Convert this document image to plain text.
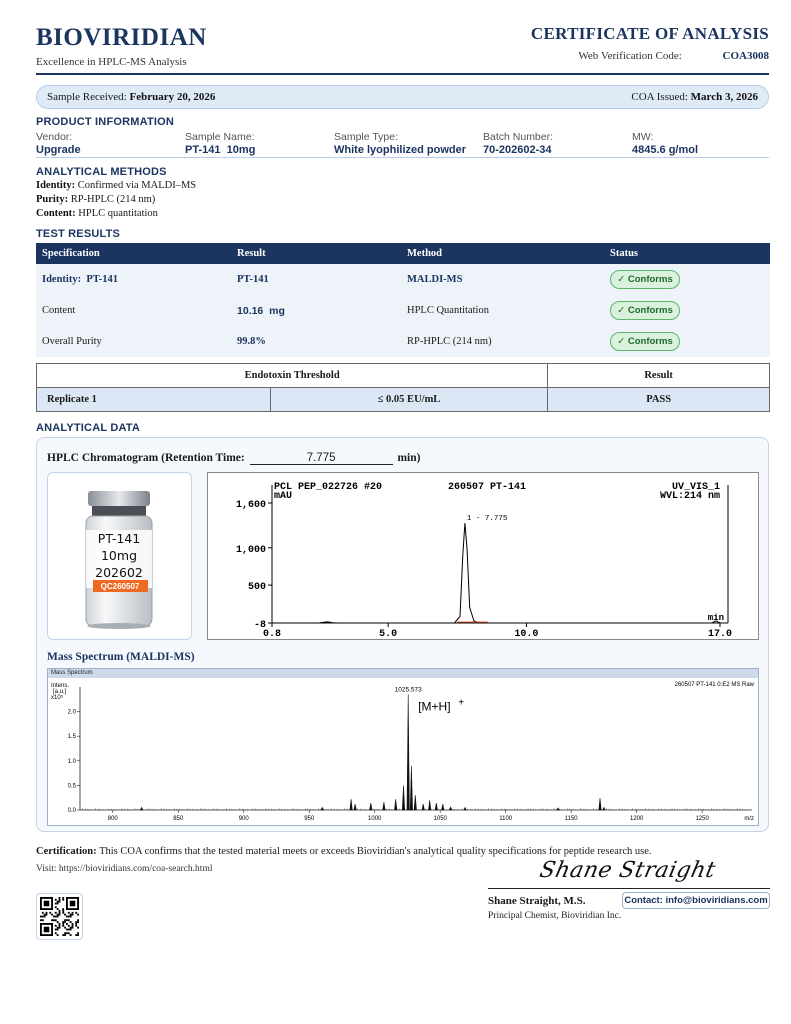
BIOVIRIDIAN
Excellence in HPLC-MS Analysis
CERTIFICATE OF ANALYSIS
Web Verification Code:	COA3008
Sample Received: February 20, 2026	COA Issued: March 3, 2026
PRODUCT INFORMATION
Vendor:
Upgrade
Sample Name:
PT-141  10mg
Sample Type:
White lyophilized powder
Batch Number:
70-202602-34
MW:
4845.6 g/mol
ANALYTICAL METHODS
Identity: Confirmed via MALDI–MS
Purity: RP-HPLC (214 nm)
Content: HPLC quantitation
TEST RESULTS
Specification	Result	Method	Status
Identity:  PT-141	PT-141	MALDI-MS	✓ Conforms
Content	10.16  mg	HPLC Quantitation	✓ Conforms
Overall Purity	99.8%	RP-HPLC (214 nm)	✓ Conforms
Endotoxin Threshold		Result
Replicate 1	≤ 0.05 EU/mL	PASS
ANALYTICAL DATA
HPLC Chromatogram (Retention Time:	7.775	min)
PT-141
10mg
202602
QC260507
PCL PEP_022726 #20	260507 PT-141	UV_VIS_1
WVL:214 nm
mAU
-8
500
1,000
1,600
0.8	5.0	10.0	17.0
min
1 - 7.775
Mass Spectrum (MALDI-MS)
Mass Spectrum
Intens.
[a.u.]
x10⁵
260507 PT-141 0:E2 MS Raw
0.0
0.5
1.0
1.5
2.0
800	850	900	950	1000	1050	1100	1150	1200	1250	m/z
1025.573
[M+H] +
Certification: This COA confirms that the tested material meets or exceeds Bioviridian's analytical quality specifications for peptide research use.
Visit: https://bioviridians.com/coa-search.html	Shane Straight
Shane Straight, M.S.
Principal Chemist, Bioviridian Inc.
Contact: info@bioviridians.com
